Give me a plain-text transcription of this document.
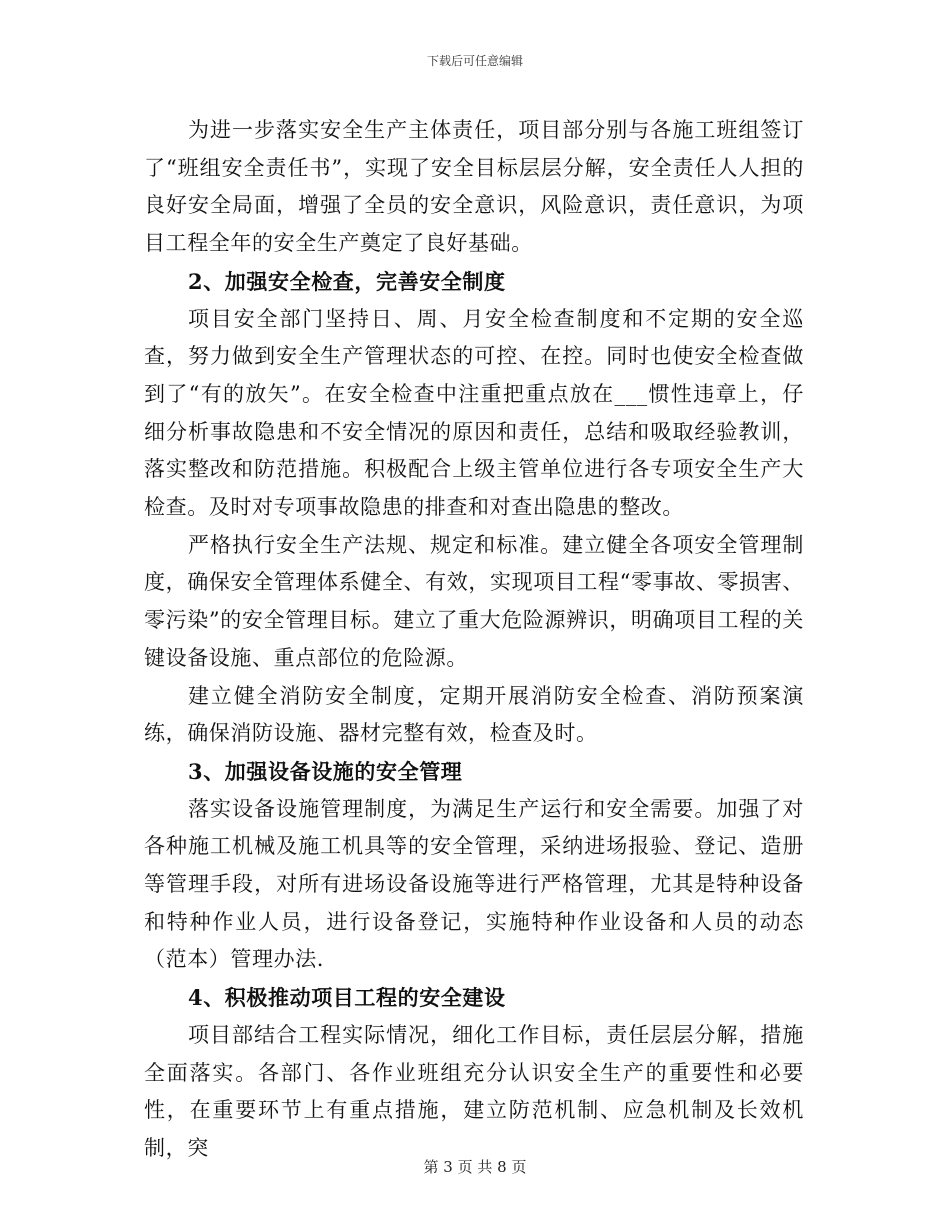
下载后可任意编辑

为进一步落实安全生产主体责任，项目部分别与各施工班组签订了“班组安全责任书”，实现了安全目标层层分解，安全责任人人担的良好安全局面，增强了全员的安全意识，风险意识，责任意识，为项目工程全年的安全生产奠定了良好基础。

2、加强安全检查，完善安全制度

项目安全部门坚持日、周、月安全检查制度和不定期的安全巡查，努力做到安全生产管理状态的可控、在控。同时也使安全检查做到了“有的放矢”。在安全检查中注重把重点放在___惯性违章上，仔细分析事故隐患和不安全情况的原因和责任，总结和吸取经验教训，落实整改和防范措施。积极配合上级主管单位进行各专项安全生产大检查。及时对专项事故隐患的排查和对查出隐患的整改。

严格执行安全生产法规、规定和标准。建立健全各项安全管理制度，确保安全管理体系健全、有效，实现项目工程“零事故、零损害、零污染”的安全管理目标。建立了重大危险源辨识，明确项目工程的关键设备设施、重点部位的危险源。

建立健全消防安全制度，定期开展消防安全检查、消防预案演练，确保消防设施、器材完整有效，检查及时。

3、加强设备设施的安全管理

落实设备设施管理制度，为满足生产运行和安全需要。加强了对各种施工机械及施工机具等的安全管理，采纳进场报验、登记、造册等管理手段，对所有进场设备设施等进行严格管理，尤其是特种设备和特种作业人员，进行设备登记，实施特种作业设备和人员的动态（范本）管理办法.

4、积极推动项目工程的安全建设

项目部结合工程实际情况，细化工作目标，责任层层分解，措施全面落实。各部门、各作业班组充分认识安全生产的重要性和必要性，在重要环节上有重点措施，建立防范机制、应急机制及长效机制，突

第 3 页 共 8 页
